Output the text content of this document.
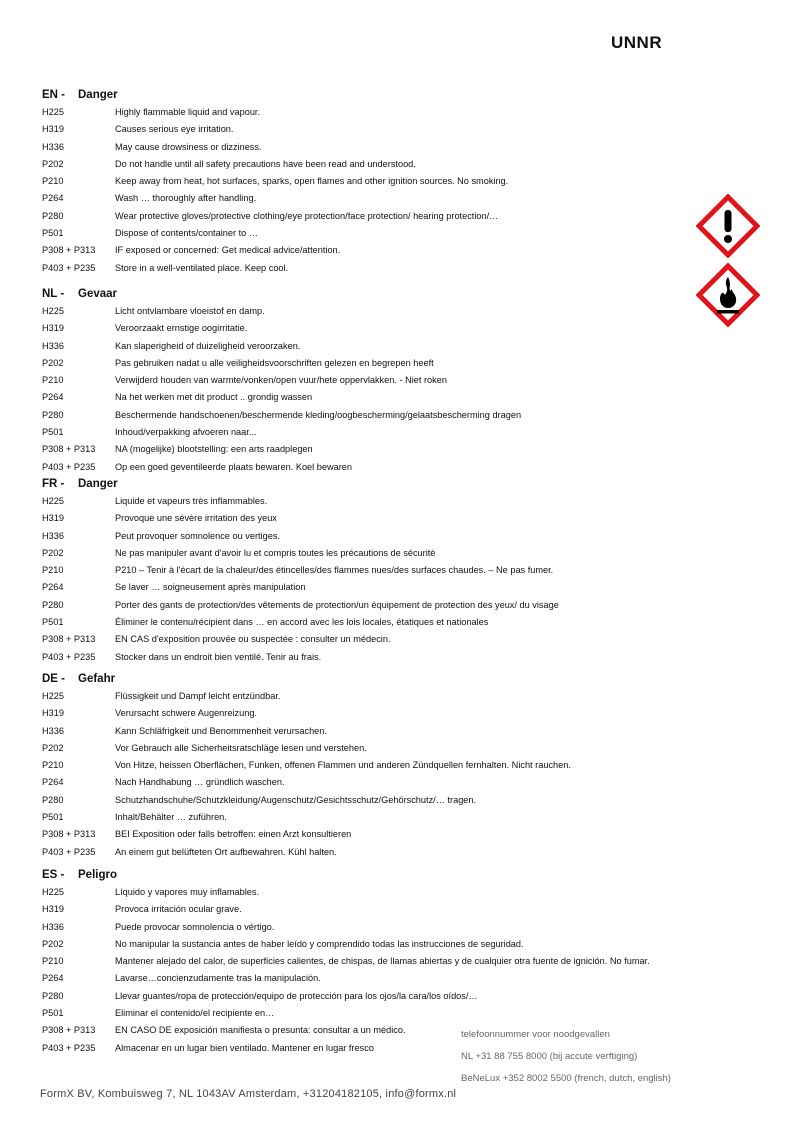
UNNR
EN - Danger
H225	Highly flammable liquid and vapour.
H319	Causes serious eye irritation.
H336	May cause drowsiness or dizziness.
P202	Do not handle until all safety precautions have been read and understood.
P210	Keep away from heat, hot surfaces, sparks, open flames and other ignition sources. No smoking.
P264	Wash … thoroughly after handling.
P280	Wear protective gloves/protective clothing/eye protection/face protection/ hearing protection/…
P501	Dispose of contents/container to …
P308 + P313 IF exposed or concerned: Get medical advice/attention.
P403 + P235 Store in a well-ventilated place. Keep cool.
NL - Gevaar
H225	Licht ontvlambare vloeistof en damp.
H319	Veroorzaakt ernstige oogirritatie.
H336	Kan slaperigheid of duizeligheid veroorzaken.
P202	Pas gebruiken nadat u alle veiligheidsvoorschriften gelezen en begrepen heeft
P210	Verwijderd houden van warmte/vonken/open vuur/hete oppervlakken. - Niet roken
P264	Na het werken met dit product .. grondig wassen
P280	Beschermende handschoenen/beschermende kleding/oogbescherming/gelaatsbescherming dragen
P501	Inhoud/verpakking afvoeren naar...
P308 + P313 NA (mogelijke) blootstelling: een arts raadplegen
P403 + P235 Op een goed geventileerde plaats bewaren. Koel bewaren
FR - Danger
H225	Liquide et vapeurs très inflammables.
H319	Provoque une sévère irritation des yeux
H336	Peut provoquer somnolence ou vertiges.
P202	Ne pas manipuler avant d'avoir lu et compris toutes les précautions de sécurité
P210	P210 – Tenir à l'écart de la chaleur/des étincelles/des flammes nues/des surfaces chaudes. – Ne pas fumer.
P264	Se laver … soigneusement après manipulation
P280	Porter des gants de protection/des vêtements de protection/un équipement de protection des yeux/ du visage
P501	Éliminer le contenu/récipient dans … en accord avec les lois locales, étatiques et nationales
P308 + P313 EN CAS d'exposition prouvée ou suspectée : consulter un médecin.
P403 + P235 Stocker dans un endroit bien ventilé. Tenir au frais.
DE - Gefahr
H225	Flüssigkeit und Dampf leicht entzündbar.
H319	Verursacht schwere Augenreizung.
H336	Kann Schläfrigkeit und Benommenheit verursachen.
P202	Vor Gebrauch alle Sicherheitsratschläge lesen und verstehen.
P210	Von Hitze, heissen Oberflächen, Funken, offenen Flammen und anderen Zündquellen fernhalten. Nicht rauchen.
P264	Nach Handhabung … gründlich waschen.
P280	Schutzhandschuhe/Schutzkleidung/Augenschutz/Gesichtsschutz/Gehörschutz/… tragen.
P501	Inhalt/Behälter … zuführen.
P308 + P313 BEI Exposition oder falls betroffen: einen Arzt konsultieren
P403 + P235 An einem gut belüfteten Ort aufbewahren. Kühl halten.
ES - Peligro
H225	Líquido y vapores muy inflamables.
H319	Provoca irritación ocular grave.
H336	Puede provocar somnolencia o vértigo.
P202	No manipular la sustancia antes de haber leído y comprendido todas las instrucciones de seguridad.
P210	Mantener alejado del calor, de superficies calientes, de chispas, de llamas abiertas y de cualquier otra fuente de ignición. No fumar.
P264	Lavarse…concienzudamente tras la manipulación.
P280	Llevar guantes/ropa de protección/equipo de protección para los ojos/la cara/los oídos/…
P501	Eliminar el contenido/el recipiente en…
P308 + P313 EN CASO DE exposición manifiesta o presunta: consultar a un médico.
P403 + P235 Almacenar en un lugar bien ventilado. Mantener en lugar fresco
telefoonnummer voor noodgevallen
NL +31 88 755 8000 (bij accute verftiging)
BeNeLux +352 8002 5500 (french, dutch, english)
FormX BV, Kombuisweg 7, NL 1043AV Amsterdam, +31204182105, info@formx.nl
